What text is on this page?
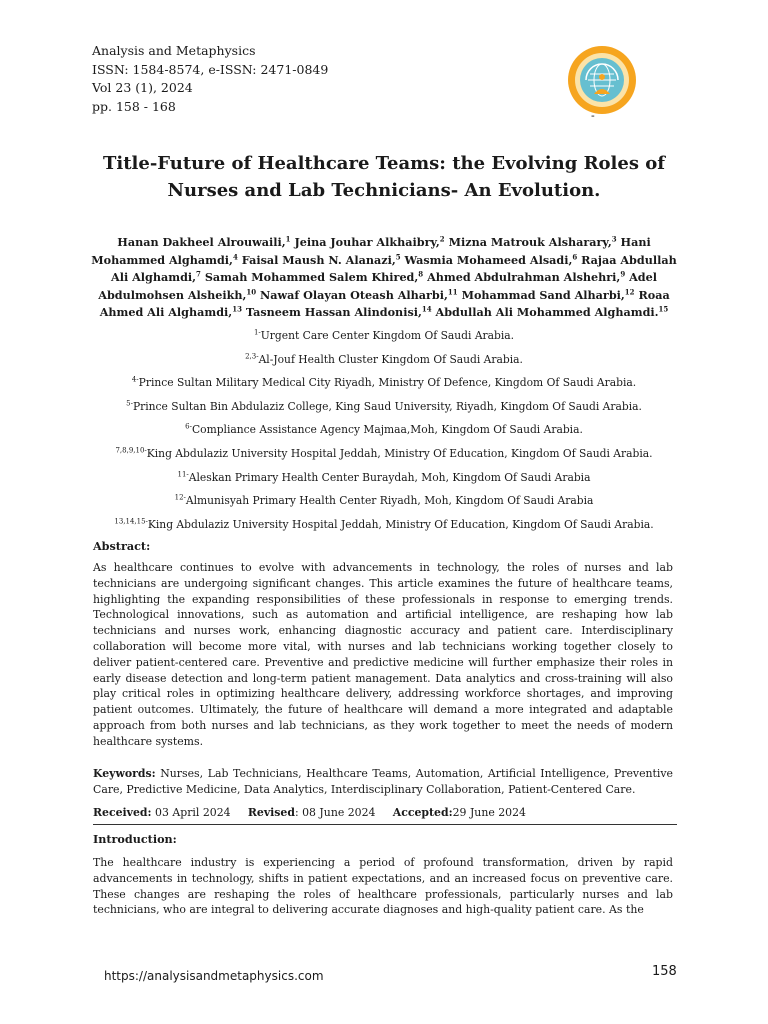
Analysis and Metaphysics
ISSN: 1584-8574, e-ISSN: 2471-0849
Vol 23 (1), 2024
pp. 158 - 168
-
Title-Future of Healthcare Teams: the Evolving Roles of
Nurses and Lab Technicians- An Evolution.
Hanan Dakheel Alrouwaili,$^1$ Jeina Jouhar Alkhaibry,$^2$ Mizna Matrouk Alsharary,$^3$ Hani Mohammed Alghamdi,$^4$ Faisal Maush N. Alanazi,$^5$ Wasmia Mohameed Alsadi,$^6$ Rajaa Abdullah Ali Alghamdi,$^7$ Samah Mohammed Salem Khired,$^8$ Ahmed Abdulrahman Alshehri,$^9$ Adel Abdulmohsen Alsheikh,$^{10}$ Nawaf Olayan Oteash Alharbi,$^{11}$ Mohammad Sand Alharbi,$^{12}$ Roaa Ahmed Ali Alghamdi,$^{13}$ Tasneem Hassan Alindonisi,$^{14}$ Abdullah Ali Mohammed Alghamdi.$^{15}$
$^{1-}$Urgent Care Center Kingdom Of Saudi Arabia.
$^{2,3-}$Al-Jouf Health Cluster Kingdom Of Saudi Arabia.
$^{4-}$Prince Sultan Military Medical City Riyadh, Ministry Of Defence, Kingdom Of Saudi Arabia.
$^{5-}$Prince Sultan Bin Abdulaziz College, King Saud University, Riyadh, Kingdom Of Saudi Arabia.
$^{6-}$Compliance Assistance Agency Majmaa,Moh, Kingdom Of Saudi Arabia.
$^{7,8,9,10-}$King Abdulaziz University Hospital Jeddah, Ministry Of Education, Kingdom Of Saudi Arabia.
$^{11-}$Aleskan Primary Health Center Buraydah, Moh, Kingdom Of Saudi Arabia
$^{12-}$Almunisyah Primary Health Center Riyadh, Moh, Kingdom Of Saudi Arabia
$^{13,14,15-}$King Abdulaziz University Hospital Jeddah, Ministry Of Education, Kingdom Of Saudi Arabia.
Abstract:

As healthcare continues to evolve with advancements in technology, the roles of nurses and lab technicians are undergoing significant changes. This article examines the future of healthcare teams, highlighting the expanding responsibilities of these professionals in response to emerging trends. Technological innovations, such as automation and artificial intelligence, are reshaping how lab technicians and nurses work, enhancing diagnostic accuracy and patient care. Interdisciplinary collaboration will become more vital, with nurses and lab technicians working together closely to deliver patient-centered care. Preventive and predictive medicine will further emphasize their roles in early disease detection and long-term patient management. Data analytics and cross-training will also play critical roles in optimizing healthcare delivery, addressing workforce shortages, and improving patient outcomes. Ultimately, the future of healthcare will demand a more integrated and adaptable approach from both nurses and lab technicians, as they work together to meet the needs of modern healthcare systems.

Keywords: Nurses, Lab Technicians, Healthcare Teams, Automation, Artificial Intelligence, Preventive Care, Predictive Medicine, Data Analytics, Interdisciplinary Collaboration, Patient-Centered Care.

Received: 03 April 2024 Revised: 08 June 2024 Accepted:29 June 2024
Introduction:

The healthcare industry is experiencing a period of profound transformation, driven by rapid advancements in technology, shifts in patient expectations, and an increased focus on preventive care. These changes are reshaping the roles of healthcare professionals, particularly nurses and lab technicians, who are integral to delivering accurate diagnoses and high-quality patient care. As the

https://analysisandmetaphysics.com	158
